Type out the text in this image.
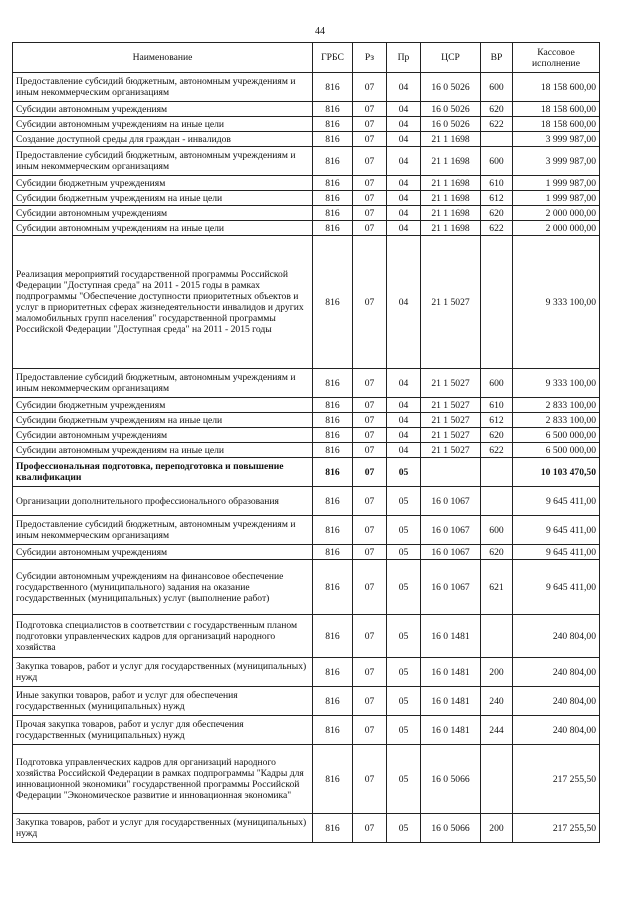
44
Наименование	ГРБС	Рз	Пр	ЦСР	ВР	Кассовое исполнение
Предоставление субсидий бюджетным, автономным учреждениям и иным некоммерческим организациям	816	07	04	16 0 5026	600	18 158 600,00
Субсидии автономным учреждениям	816	07	04	16 0 5026	620	18 158 600,00
Субсидии автономным учреждениям на иные цели	816	07	04	16 0 5026	622	18 158 600,00
Создание доступной среды для граждан - инвалидов	816	07	04	21 1 1698		3 999 987,00
Предоставление субсидий бюджетным, автономным учреждениям и иным некоммерческим организациям	816	07	04	21 1 1698	600	3 999 987,00
Субсидии бюджетным учреждениям	816	07	04	21 1 1698	610	1 999 987,00
Субсидии бюджетным учреждениям на иные цели	816	07	04	21 1 1698	612	1 999 987,00
Субсидии автономным учреждениям	816	07	04	21 1 1698	620	2 000 000,00
Субсидии автономным учреждениям на иные цели	816	07	04	21 1 1698	622	2 000 000,00
Реализация мероприятий государственной программы Российской Федерации "Доступная среда" на 2011 - 2015 годы в рамках подпрограммы "Обеспечение доступности приоритетных объектов и услуг в приоритетных сферах жизнедеятельности инвалидов и других маломобильных групп населения" государственной программы Российской Федерации "Доступная среда" на 2011 - 2015 годы	816	07	04	21 1 5027		9 333 100,00
Предоставление субсидий бюджетным, автономным учреждениям и иным некоммерческим организациям	816	07	04	21 1 5027	600	9 333 100,00
Субсидии бюджетным учреждениям	816	07	04	21 1 5027	610	2 833 100,00
Субсидии бюджетным учреждениям на иные цели	816	07	04	21 1 5027	612	2 833 100,00
Субсидии автономным учреждениям	816	07	04	21 1 5027	620	6 500 000,00
Субсидии автономным учреждениям на иные цели	816	07	04	21 1 5027	622	6 500 000,00
Профессиональная подготовка, переподготовка и повышение квалификации	816	07	05			10 103 470,50
Организации дополнительного профессионального образования	816	07	05	16 0 1067		9 645 411,00
Предоставление субсидий бюджетным, автономным учреждениям и иным некоммерческим организациям	816	07	05	16 0 1067	600	9 645 411,00
Субсидии автономным учреждениям	816	07	05	16 0 1067	620	9 645 411,00
Субсидии автономным учреждениям на финансовое обеспечение государственного (муниципального) задания на оказание государственных (муниципальных) услуг (выполнение работ)	816	07	05	16 0 1067	621	9 645 411,00
Подготовка специалистов в соответствии с государственным планом подготовки управленческих кадров для организаций народного хозяйства	816	07	05	16 0 1481		240 804,00
Закупка товаров, работ и услуг для государственных (муниципальных) нужд	816	07	05	16 0 1481	200	240 804,00
Иные закупки товаров, работ и услуг для обеспечения государственных (муниципальных) нужд	816	07	05	16 0 1481	240	240 804,00
Прочая закупка товаров, работ и услуг для обеспечения государственных (муниципальных) нужд	816	07	05	16 0 1481	244	240 804,00
Подготовка управленческих кадров для организаций народного хозяйства Российской Федерации в рамках подпрограммы "Кадры для инновационной экономики" государственной программы Российской Федерации "Экономическое развитие и инновационная экономика"	816	07	05	16 0 5066		217 255,50
Закупка товаров, работ и услуг для государственных (муниципальных) нужд	816	07	05	16 0 5066	200	217 255,50
